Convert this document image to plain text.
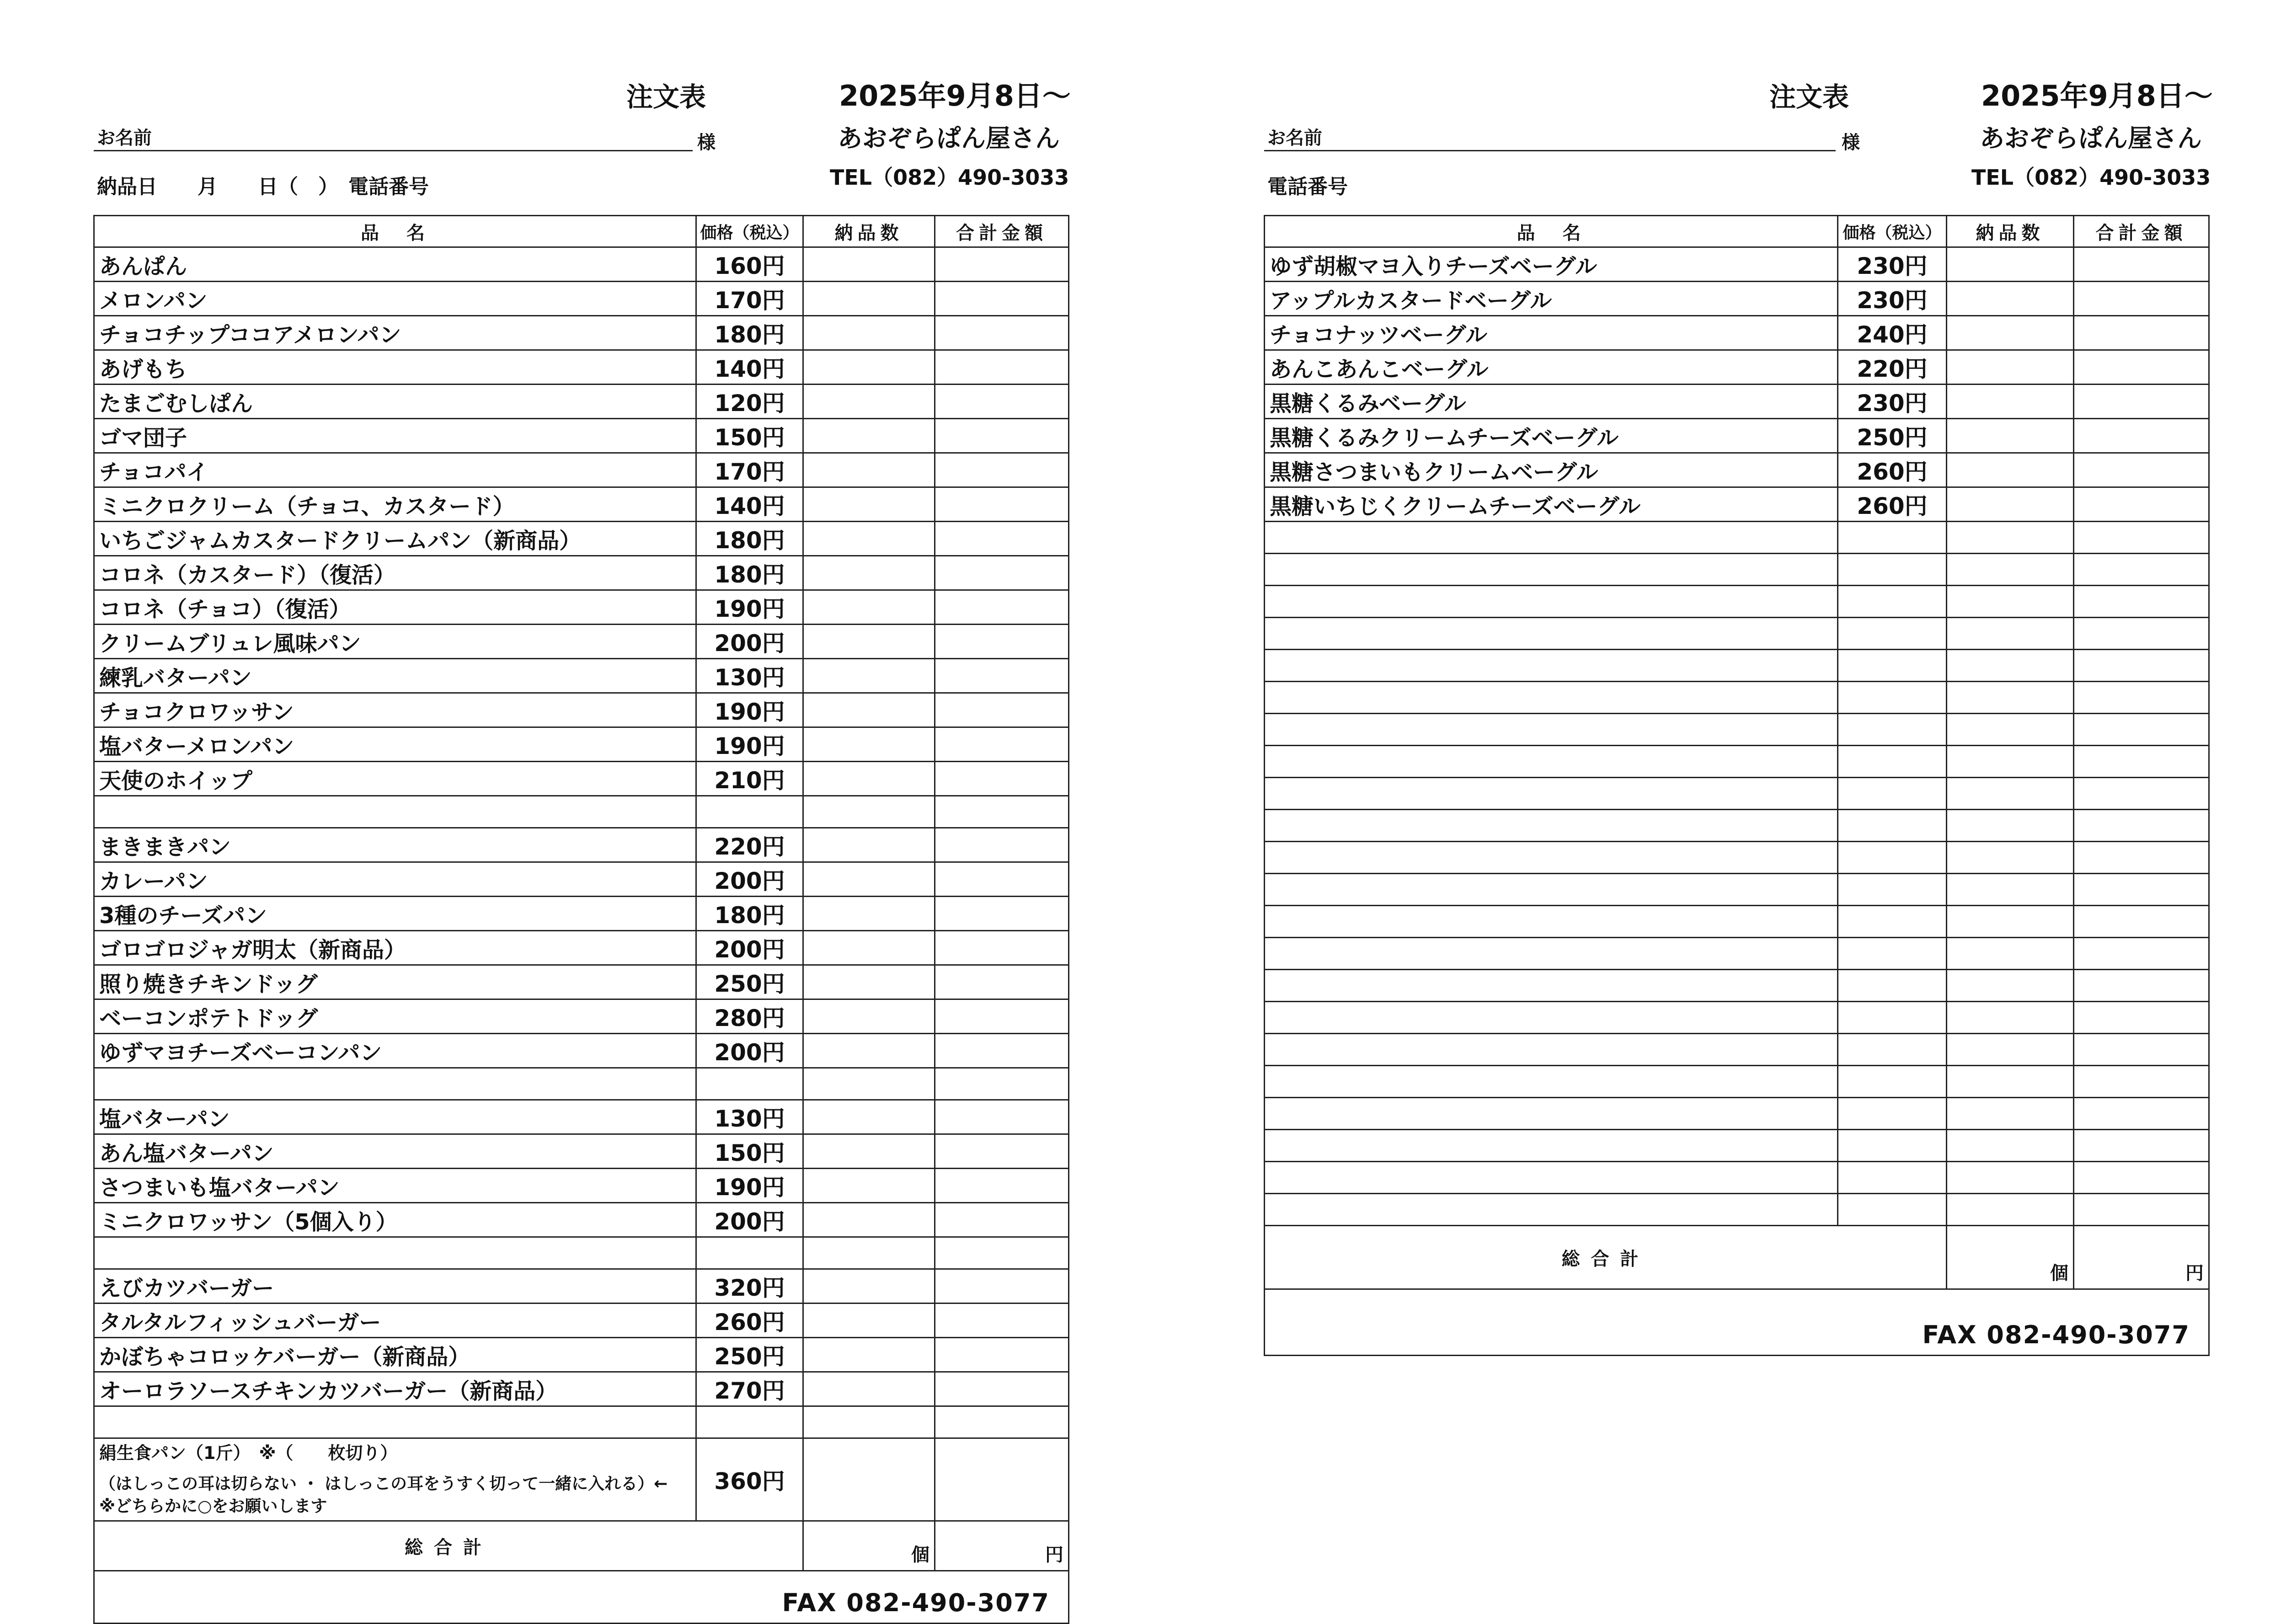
注文表	2025年9月8日～
お名前	様	あおぞらぱん屋さん
納品日　　月　　日（　）　電話番号	TEL（082）490-3033
品　名	価格（税込）	納品数	合計金額
あんぱん	160円		
メロンパン	170円		
チョコチップココアメロンパン	180円		
あげもち	140円		
たまごむしぱん	120円		
ゴマ団子	150円		
チョコパイ	170円		
ミニクロクリーム（チョコ、カスタード）	140円		
いちごジャムカスタードクリームパン（新商品）	180円		
コロネ（カスタード）（復活）	180円		
コロネ（チョコ）（復活）	190円		
クリームブリュレ風味パン	200円		
練乳バターパン	130円		
チョコクロワッサン	190円		
塩バターメロンパン	190円		
天使のホイップ	210円		

まきまきパン	220円		
カレーパン	200円		
3種のチーズパン	180円		
ゴロゴロジャガ明太（新商品）	200円		
照り焼きチキンドッグ	250円		
ベーコンポテトドッグ	280円		
ゆずマヨチーズベーコンパン	200円		

塩バターパン	130円		
あん塩バターパン	150円		
さつまいも塩バターパン	190円		
ミニクロワッサン（5個入り）	200円		

えびカツバーガー	320円		
タルタルフィッシュバーガー	260円		
かぼちゃコロッケバーガー（新商品）	250円		
オーロラソースチキンカツバーガー（新商品）	270円		

絹生食パン（1斤）　※（　　枚切り）
（はしっこの耳は切らない ・ はしっこの耳をうすく切って一緒に入れる）←
※どちらかに○をお願いします	360円		
総合計		個	円
FAX 082-490-3077			
注文表	2025年9月8日～
お名前	様	あおぞらぱん屋さん
電話番号	TEL（082）490-3033
品　名	価格（税込）	納品数	合計金額
ゆず胡椒マヨ入りチーズベーグル	230円		
アップルカスタードベーグル	230円		
チョコナッツベーグル	240円		
あんこあんこベーグル	220円		
黒糖くるみベーグル	230円		
黒糖くるみクリームチーズベーグル	250円		
黒糖さつまいもクリームベーグル	260円		
黒糖いちじくクリームチーズベーグル	260円		

総合計		個	円
FAX 082-490-3077			
